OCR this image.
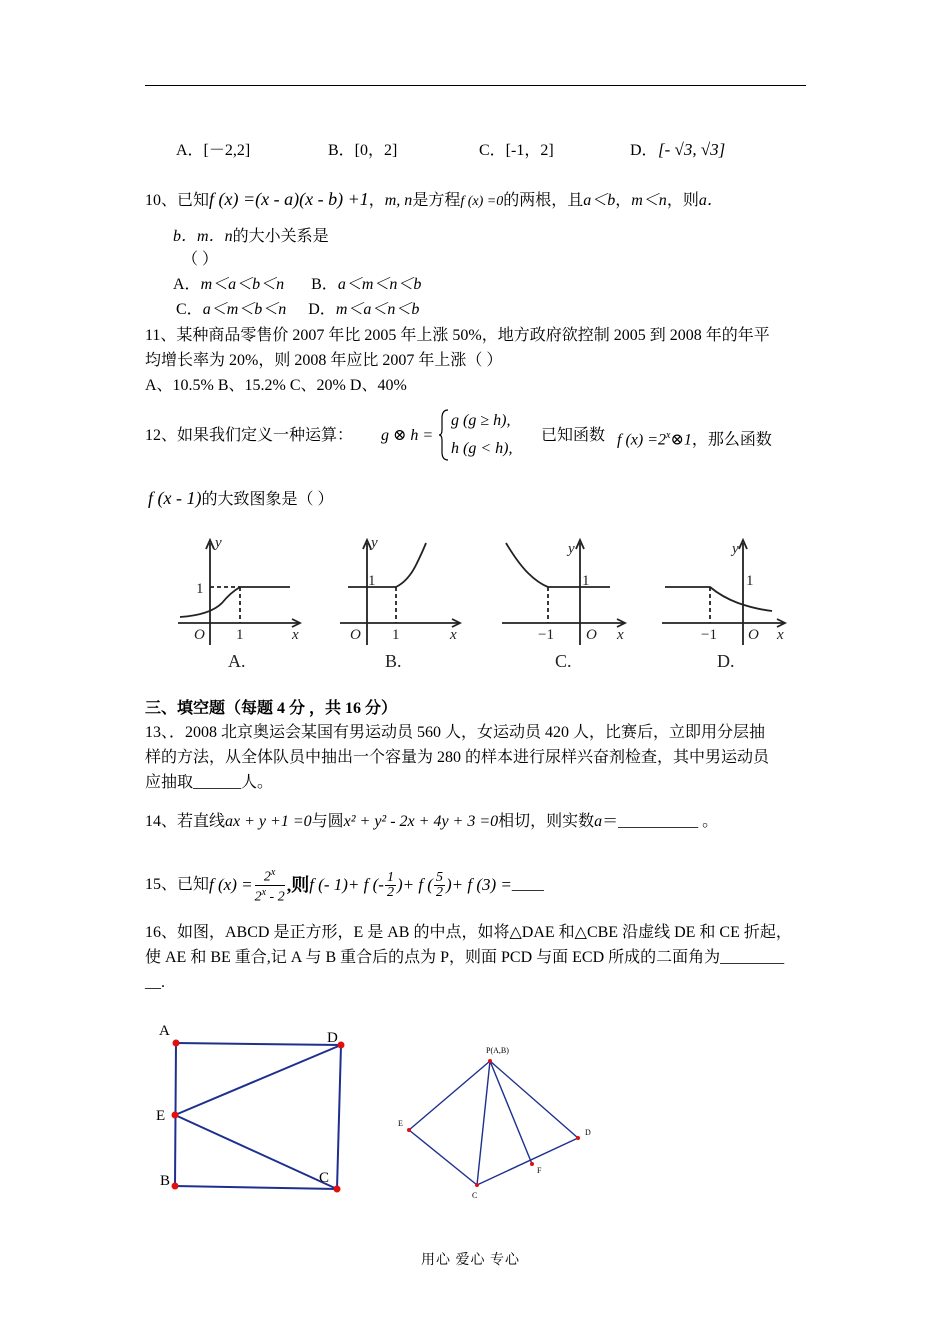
A．[－2,2]	B．[0，2]	C．[-1，2]	D． [- √3, √3]
10、已知f (x) =(x - a)(x - b) +1，m, n是方程f (x) =0的两根，且a＜b，m＜n，则a．
b．m．n的大小关系是
（ ）
A．m＜a＜b＜n B．a＜m＜n＜b
C．a＜m＜b＜n D．m＜a＜n＜b
11、某种商品零售价 2007 年比 2005 年上涨 50%，地方政府欲控制 2005 到 2008 年的年平
均增长率为 20%，则 2008 年应比 2007 年上涨（ ）
A、10.5% B、15.2% C、20% D、40%
12、如果我们定义一种运算： g ⊗ h =
g (g ≥ h),
h (g < h),
已知函数 f $(x) =2^x\otimes 1$，那么函数
f (x - 1)的大致图象是（ ）
y
x
O
1
1
A.
y
x
O
1
1
B.
y
x
O
1
−1
C.
y
x
O
1
−1
D.
三、填空题（每题 4 分 ，共 16 分）
13、．2008 北京奥运会某国有男运动员 560 人，女运动员 420 人，比赛后，立即用分层抽
样的方法，从全体队员中抽出一个容量为 280 的样本进行尿样兴奋剂检查，其中男运动员
应抽取______人。
14、若直线ax + y +1 =0与圆x² + y² - 2x + 4y + 3 =0相切，则实数a＝__________ 。
15、已知 f $(x) = \frac{2^x}{2^x - 2}$ ,则 f (- 1)+ f (- $\frac{1}{2}$ )+ f ( $\frac{5}{2}$ )+ f (3) = ____
16、如图，ABCD 是正方形，E 是 AB 的中点，如将△DAE 和△CBE 沿虚线 DE 和 CE 折起，
使 AE 和 BE 重合,记 A 与 B 重合后的点为 P，则面 PCD 与面 ECD 所成的二面角为________
__.
A	D
E
B	C
P(A,B)
E
D
C
F
用心 爱心 专心
